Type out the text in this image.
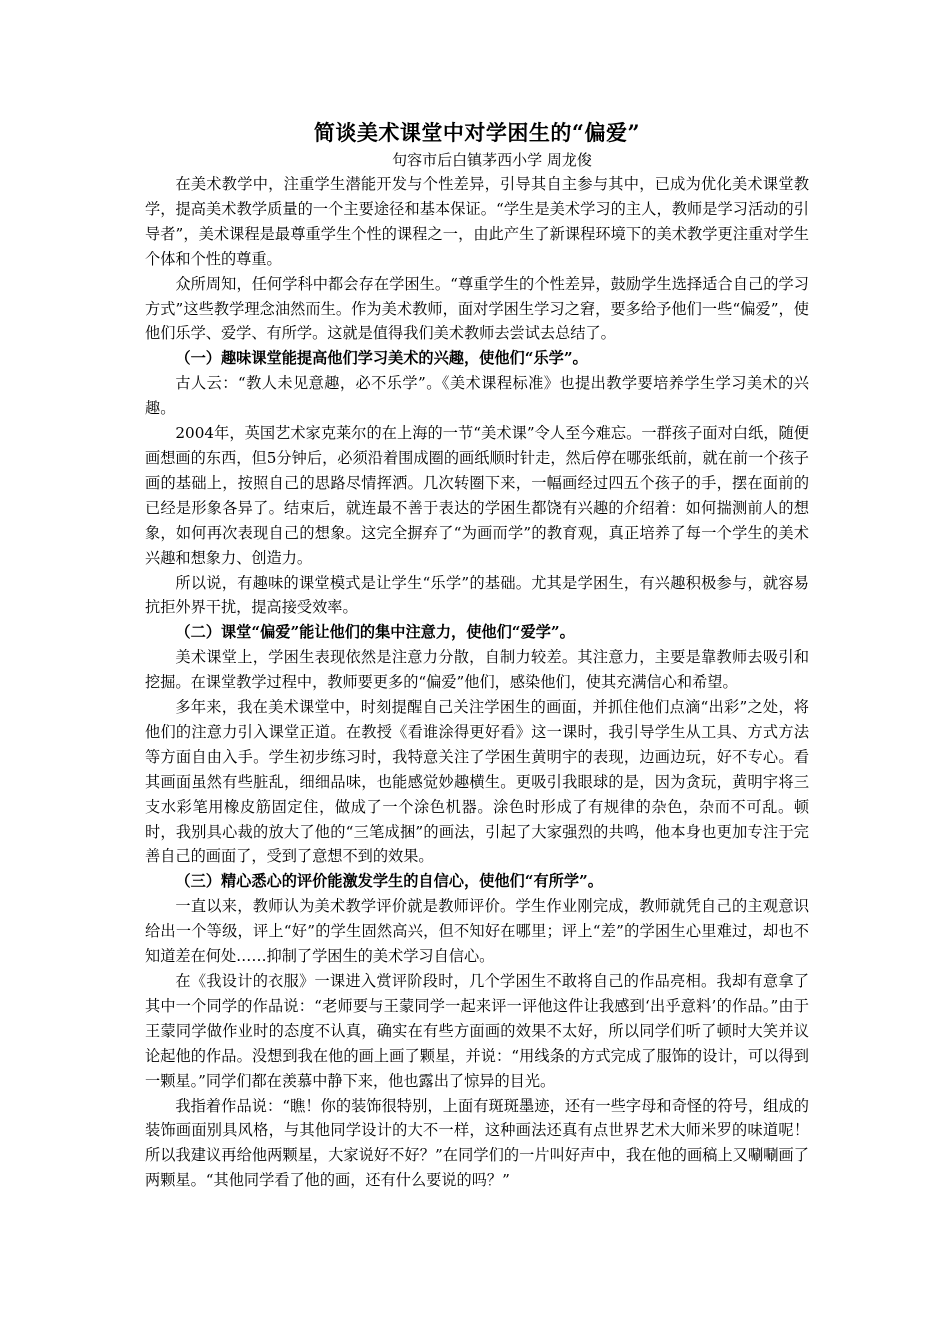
简谈美术课堂中对学困生的“偏爱”
句容市后白镇茅西小学 周龙俊

在美术教学中，注重学生潜能开发与个性差异，引导其自主参与其中，已成为优化美术课堂教学，提高美术教学质量的一个主要途径和基本保证。“学生是美术学习的主人，教师是学习活动的引导者”，美术课程是最尊重学生个性的课程之一，由此产生了新课程环境下的美术教学更注重对学生个体和个性的尊重。

众所周知，任何学科中都会存在学困生。“尊重学生的个性差异，鼓励学生选择适合自己的学习方式”这些教学理念油然而生。作为美术教师，面对学困生学习之窘，要多给予他们一些“偏爱”，使他们乐学、爱学、有所学。这就是值得我们美术教师去尝试去总结了。

（一）趣味课堂能提高他们学习美术的兴趣，使他们“乐学”。

古人云：“教人未见意趣，必不乐学”。《美术课程标准》也提出教学要培养学生学习美术的兴趣。

2004年，英国艺术家克莱尔的在上海的一节“美术课”令人至今难忘。一群孩子面对白纸，随便画想画的东西，但5分钟后，必须沿着围成圈的画纸顺时针走，然后停在哪张纸前，就在前一个孩子画的基础上，按照自己的思路尽情挥洒。几次转圈下来，一幅画经过四五个孩子的手，摆在面前的已经是形象各异了。结束后，就连最不善于表达的学困生都饶有兴趣的介绍着：如何揣测前人的想象，如何再次表现自己的想象。这完全摒弃了“为画而学”的教育观，真正培养了每一个学生的美术兴趣和想象力、创造力。

所以说，有趣味的课堂模式是让学生“乐学”的基础。尤其是学困生，有兴趣积极参与，就容易抗拒外界干扰，提高接受效率。

（二）课堂“偏爱”能让他们的集中注意力，使他们“爱学”。

美术课堂上，学困生表现依然是注意力分散，自制力较差。其注意力，主要是靠教师去吸引和挖掘。在课堂教学过程中，教师要更多的“偏爱”他们，感染他们，使其充满信心和希望。

多年来，我在美术课堂中，时刻提醒自己关注学困生的画面，并抓住他们点滴“出彩”之处，将他们的注意力引入课堂正道。在教授《看谁涂得更好看》这一课时，我引导学生从工具、方式方法等方面自由入手。学生初步练习时，我特意关注了学困生黄明宇的表现，边画边玩，好不专心。看其画面虽然有些脏乱，细细品味，也能感觉妙趣横生。更吸引我眼球的是，因为贪玩，黄明宇将三支水彩笔用橡皮筋固定住，做成了一个涂色机器。涂色时形成了有规律的杂色，杂而不可乱。顿时，我别具心裁的放大了他的“三笔成捆”的画法，引起了大家强烈的共鸣，他本身也更加专注于完善自己的画面了，受到了意想不到的效果。

（三）精心悉心的评价能激发学生的自信心，使他们“有所学”。

一直以来，教师认为美术教学评价就是教师评价。学生作业刚完成，教师就凭自己的主观意识给出一个等级，评上“好”的学生固然高兴，但不知好在哪里；评上“差”的学困生心里难过，却也不知道差在何处……抑制了学困生的美术学习自信心。

在《我设计的衣服》一课进入赏评阶段时，几个学困生不敢将自己的作品亮相。我却有意拿了其中一个同学的作品说：“老师要与王蒙同学一起来评一评他这件让我感到‘出乎意料’的作品。”由于王蒙同学做作业时的态度不认真，确实在有些方面画的效果不太好，所以同学们听了顿时大笑并议论起他的作品。没想到我在他的画上画了颗星，并说：“用线条的方式完成了服饰的设计，可以得到一颗星。”同学们都在羡慕中静下来，他也露出了惊异的目光。

我指着作品说：“瞧！你的装饰很特别，上面有斑斑墨迹，还有一些字母和奇怪的符号，组成的装饰画面别具风格，与其他同学设计的大不一样，这种画法还真有点世界艺术大师米罗的味道呢！所以我建议再给他两颗星，大家说好不好？”在同学们的一片叫好声中，我在他的画稿上又唰唰画了两颗星。“其他同学看了他的画，还有什么要说的吗？”
